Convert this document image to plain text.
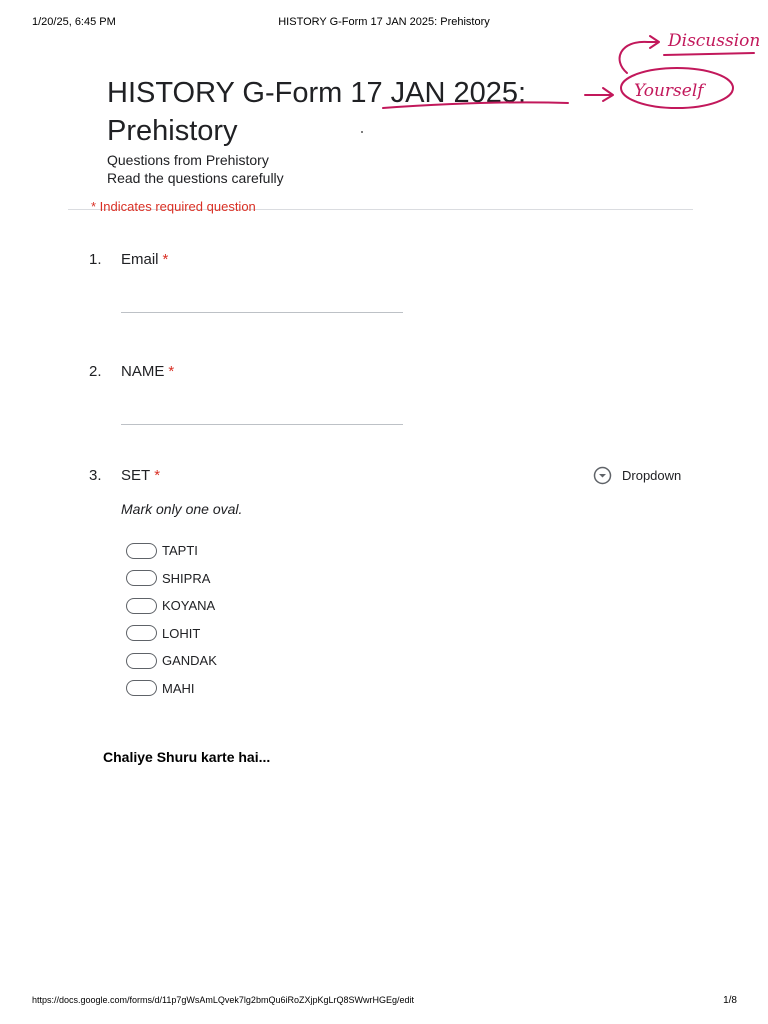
1/20/25, 6:45 PM	HISTORY G-Form 17 JAN 2025: Prehistory
HISTORY G-Form 17 JAN 2025: Prehistory
Questions from Prehistory
Read the questions carefully
* Indicates required question
1. Email *
2. NAME *
3. SET *	Dropdown
Mark only one oval.
TAPTI
SHIPRA
KOYANA
LOHIT
GANDAK
MAHI
Chaliye Shuru karte hai...
https://docs.google.com/forms/d/11p7gWsAmLQvek7lg2bmQu6iRoZXjpKgLrQ8SWwrHGEg/edit	1/8
Discussion
Yourself
